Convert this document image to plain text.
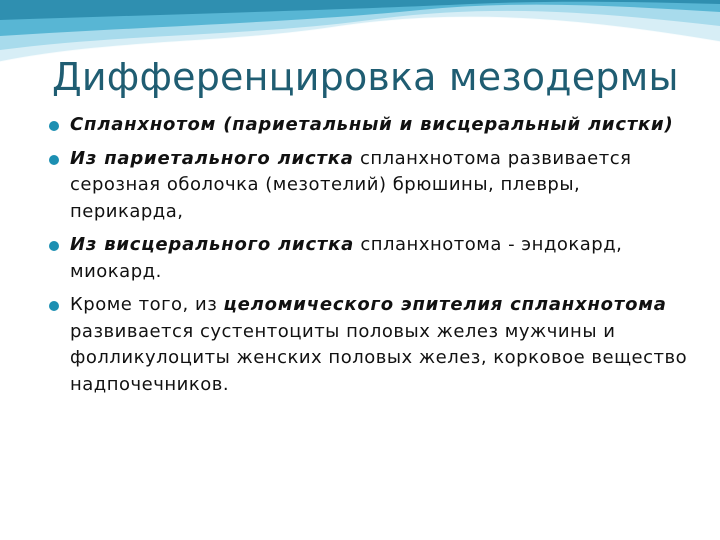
Дифференцировка мезодермы
Спланхнотом (париетальный и висцеральный листки)
Из париетального листка спланхнотома развивается серозная оболочка (мезотелий) брюшины, плевры, перикарда,
Из висцерального листка спланхнотома - эндокард, миокард.
Кроме того, из целомического эпителия спланхнотома развивается сустентоциты половых желез мужчины и фолликулоциты женских половых желез, корковое вещество надпочечников.
